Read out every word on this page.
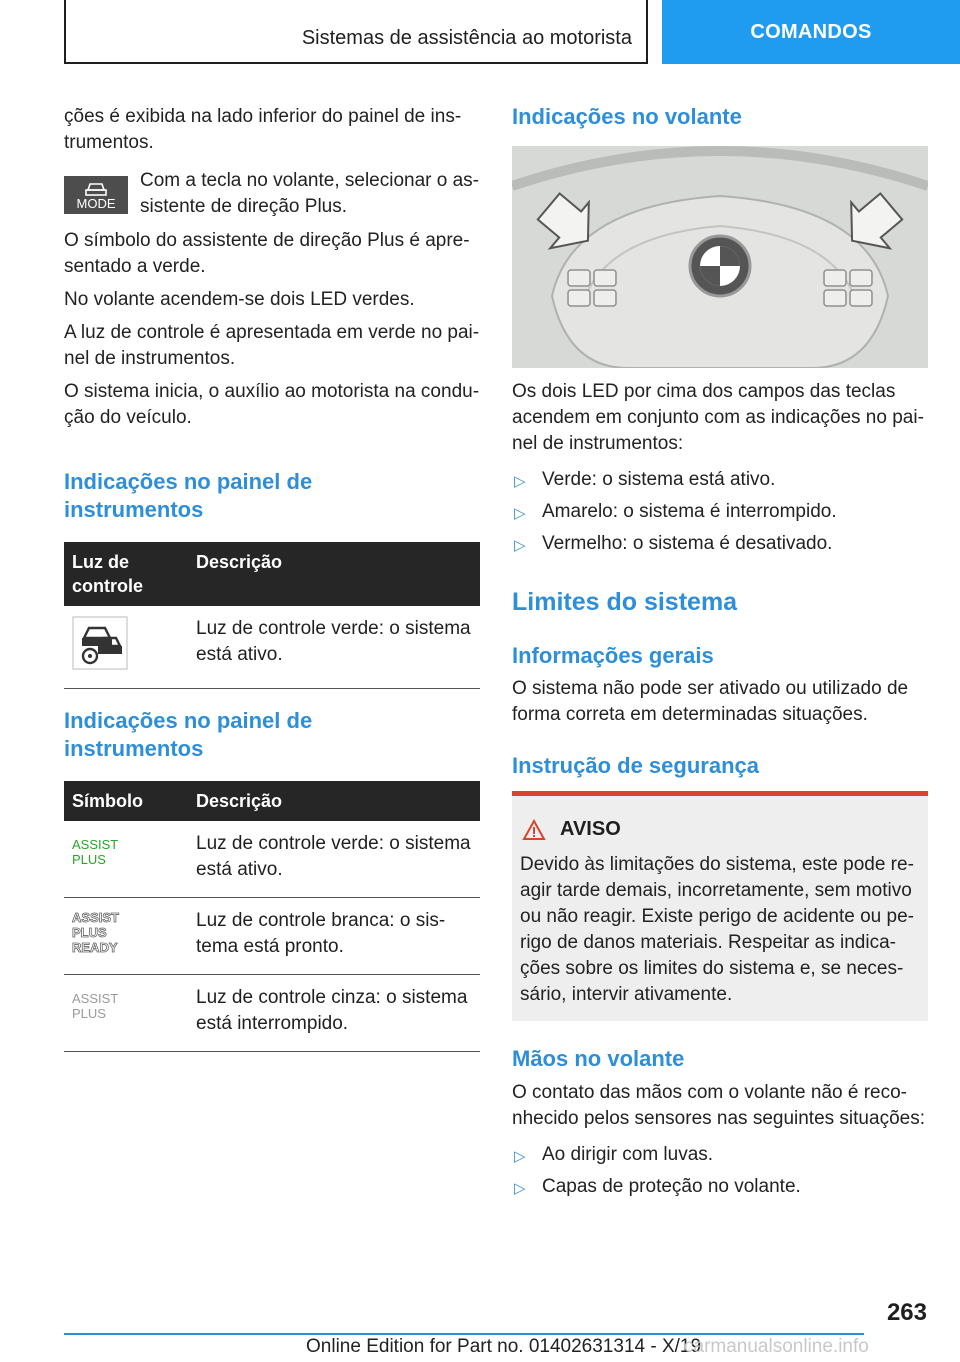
Sistemas de assistência ao motorista	COMANDOS

ções é exibida na lado inferior do painel de ins-trumentos.

MODE

Com a tecla no volante, selecionar o as-sistente de direção Plus.

O símbolo do assistente de direção Plus é apre-sentado a verde.

No volante acendem-se dois LED verdes.

A luz de controle é apresentada em verde no pai-nel de instrumentos.

O sistema inicia, o auxílio ao motorista na condu-ção do veículo.

Indicações no painel de instrumentos
Luz de controle	Descrição
	Luz de controle verde: o sistema está ativo.
Indicações no painel de instrumentos
Símbolo	Descrição

ASSIST PLUS	Luz de controle verde: o sistema está ativo.

ASSIST PLUS READY	Luz de controle branca: o sis-tema está pronto.

ASSIST PLUS	Luz de controle cinza: o sistema está interrompido.
Indicações no volante

Os dois LED por cima dos campos das teclas acendem em conjunto com as indicações no pai-nel de instrumentos:

▷ Verde: o sistema está ativo.
▷ Amarelo: o sistema é interrompido.
▷ Vermelho: o sistema é desativado.
Limites do sistema
Informações gerais

O sistema não pode ser ativado ou utilizado de forma correta em determinadas situações.

Instrução de segurança
AVISO

Devido às limitações do sistema, este pode re-agir tarde demais, incorretamente, sem motivo ou não reagir. Existe perigo de acidente ou pe-rigo de danos materiais. Respeitar as indica-ções sobre os limites do sistema e, se neces-sário, intervir ativamente.

Mãos no volante

O contato das mãos com o volante não é reco-nhecido pelos sensores nas seguintes situações:

▷ Ao dirigir com luvas.
▷ Capas de proteção no volante.
263
Online Edition for Part no. 01402631314 - X/19
carmanualsonline.info
